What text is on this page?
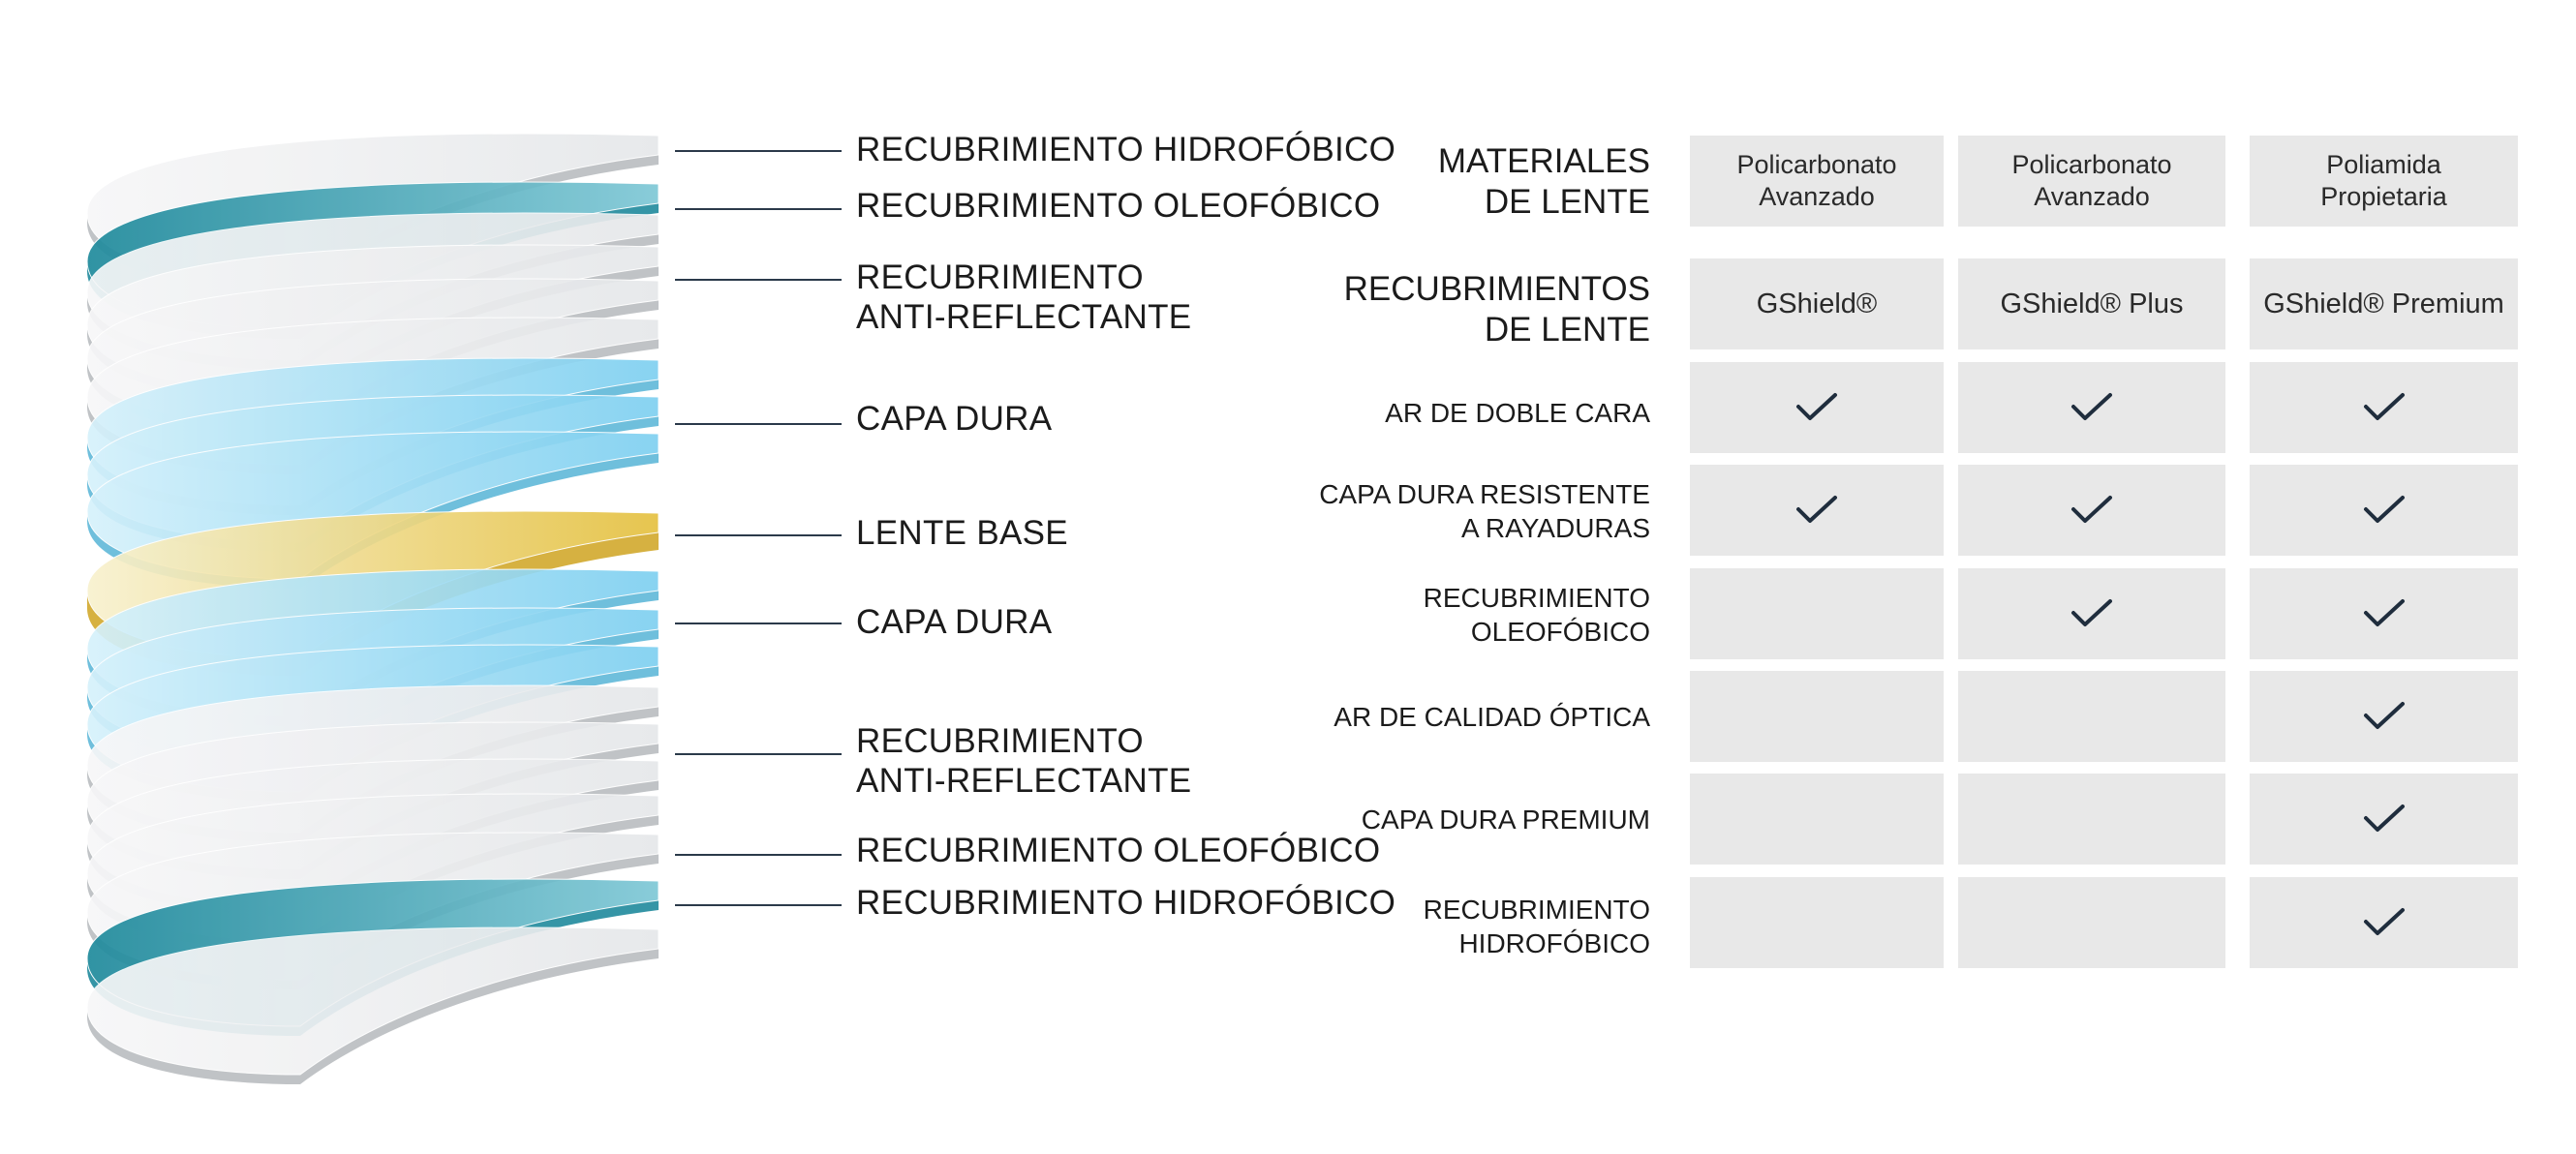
RECUBRIMIENTO HIDROFÓBICO
RECUBRIMIENTO OLEOFÓBICO
RECUBRIMIENTO
ANTI-REFLECTANTE
CAPA DURA
LENTE BASE
CAPA DURA
RECUBRIMIENTO
ANTI-REFLECTANTE
RECUBRIMIENTO OLEOFÓBICO
RECUBRIMIENTO HIDROFÓBICO
MATERIALES
DE LENTE
RECUBRIMIENTOS
DE LENTE
Policarbonato
Avanzado
GShield®
Policarbonato
Avanzado
GShield® Plus
Poliamida
Propietaria
GShield® Premium
AR DE DOBLE CARA
CAPA DURA RESISTENTE
A RAYADURAS
RECUBRIMIENTO
OLEOFÓBICO
AR DE CALIDAD ÓPTICA
CAPA DURA PREMIUM
RECUBRIMIENTO
HIDROFÓBICO
